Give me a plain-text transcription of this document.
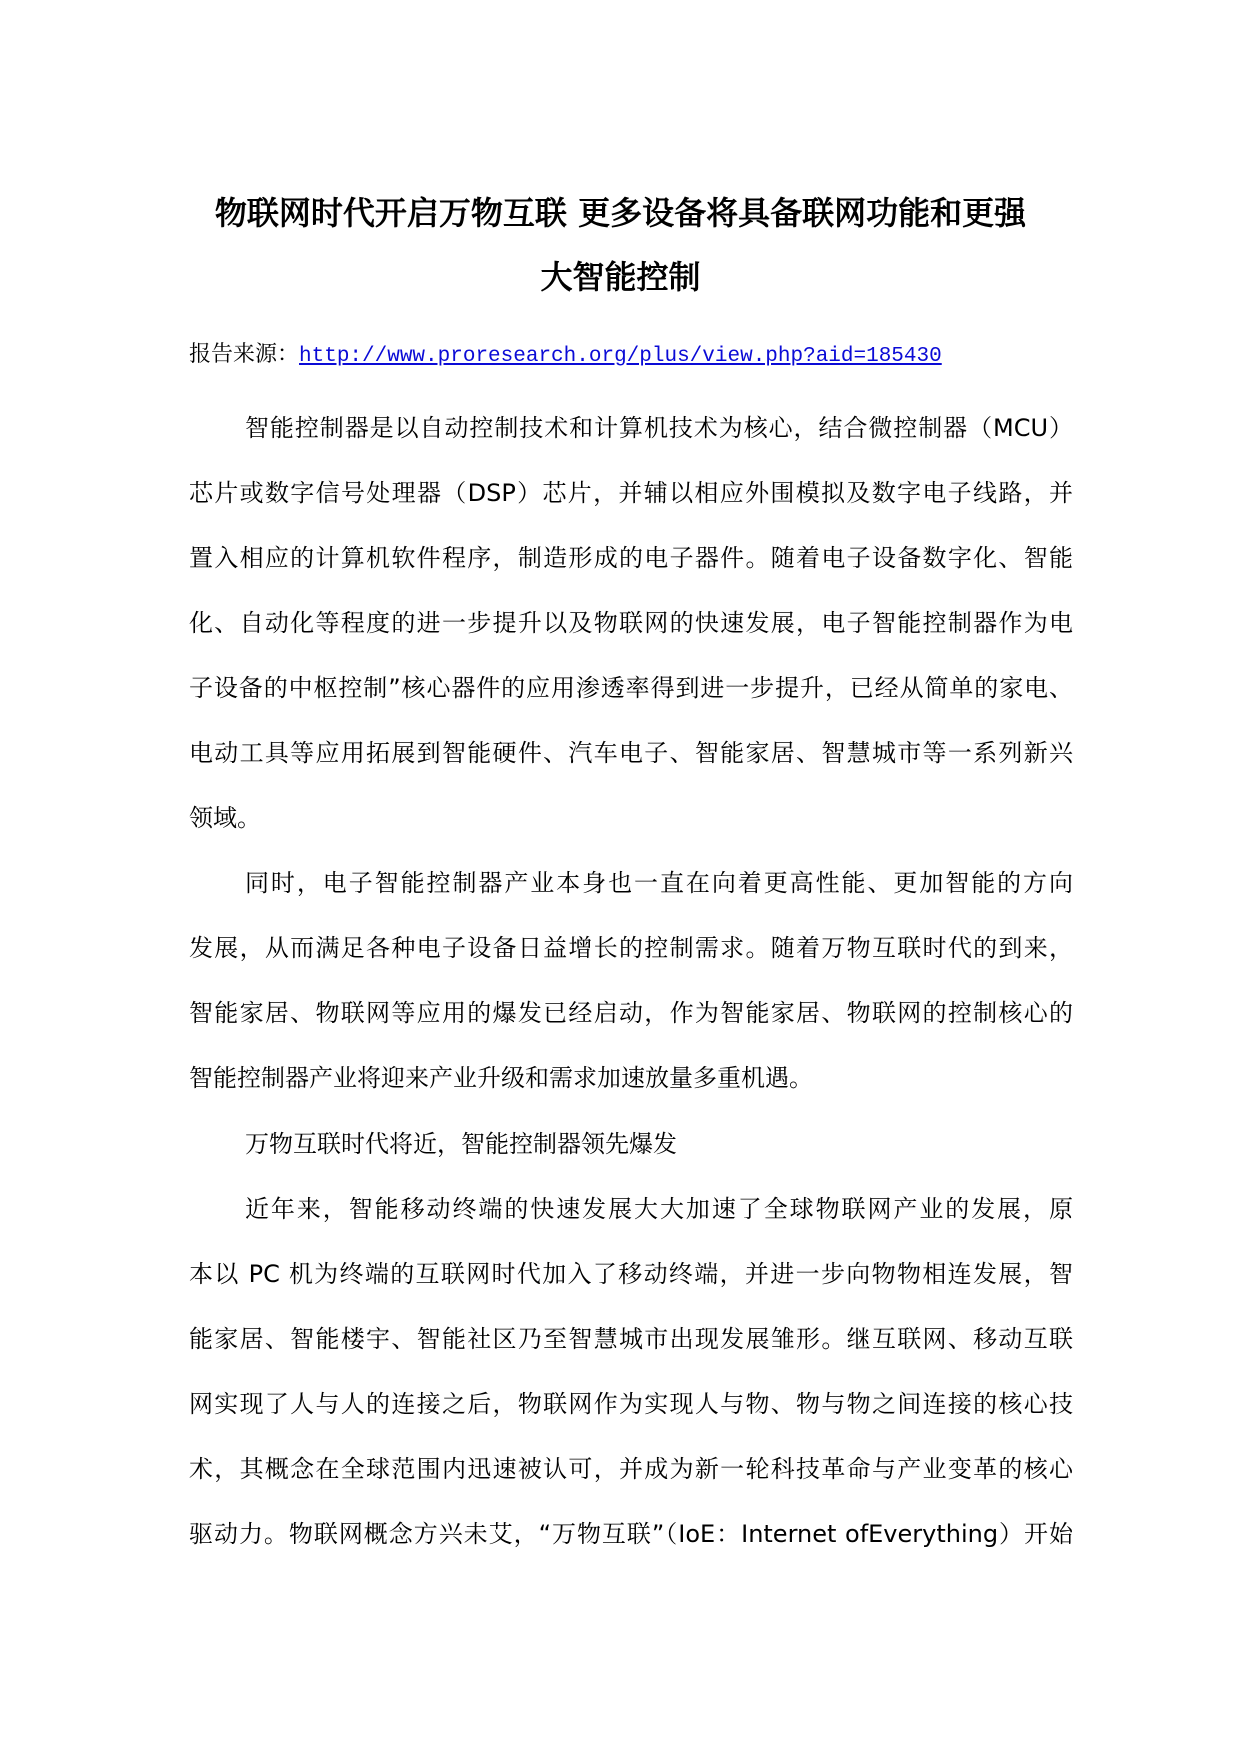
物联网时代开启万物互联 更多设备将具备联网功能和更强
大智能控制
报告来源：http://www.proresearch.org/plus/view.php?aid=185430
智能控制器是以自动控制技术和计算机技术为核心，结合微控制器（MCU）
芯片或数字信号处理器（DSP）芯片，并辅以相应外围模拟及数字电子线路，并
置入相应的计算机软件程序，制造形成的电子器件。随着电子设备数字化、智能
化、自动化等程度的进一步提升以及物联网的快速发展，电子智能控制器作为电
子设备的中枢控制”核心器件的应用渗透率得到进一步提升，已经从简单的家电、
电动工具等应用拓展到智能硬件、汽车电子、智能家居、智慧城市等一系列新兴
领域。
同时，电子智能控制器产业本身也一直在向着更高性能、更加智能的方向
发展，从而满足各种电子设备日益增长的控制需求。随着万物互联时代的到来，
智能家居、物联网等应用的爆发已经启动，作为智能家居、物联网的控制核心的
智能控制器产业将迎来产业升级和需求加速放量多重机遇。
万物互联时代将近，智能控制器领先爆发
近年来，智能移动终端的快速发展大大加速了全球物联网产业的发展，原
本以 PC 机为终端的互联网时代加入了移动终端，并进一步向物物相连发展，智
能家居、智能楼宇、智能社区乃至智慧城市出现发展雏形。继互联网、移动互联
网实现了人与人的连接之后，物联网作为实现人与物、物与物之间连接的核心技
术，其概念在全球范围内迅速被认可，并成为新一轮科技革命与产业变革的核心
驱动力。物联网概念方兴未艾，“万物互联”（IoE：Internet ofEverything）开始
